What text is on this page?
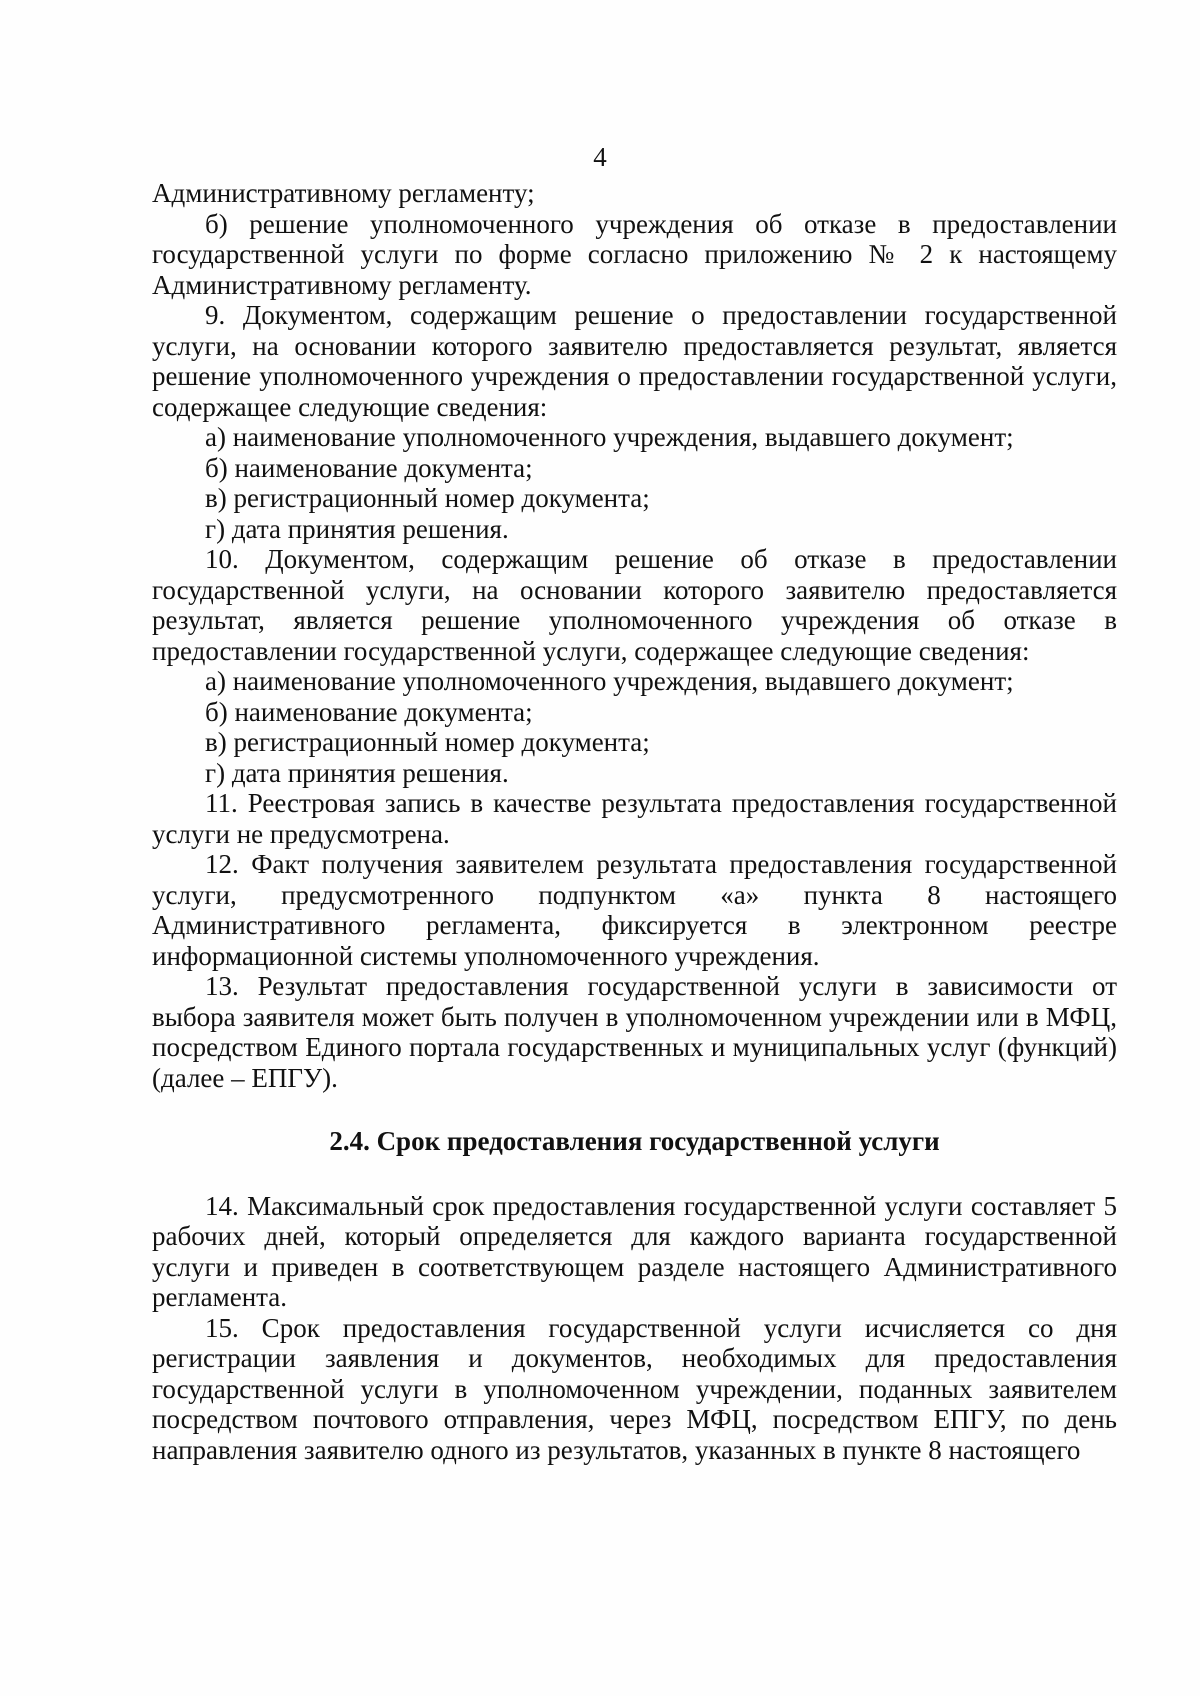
4

Административному регламенту;

б) решение уполномоченного учреждения об отказе в предоставлении государственной услуги по форме согласно приложению № 2 к настоящему Административному регламенту.

9. Документом, содержащим решение о предоставлении государственной услуги, на основании которого заявителю предоставляется результат, является решение уполномоченного учреждения о предоставлении государственной услуги, содержащее следующие сведения:

а) наименование уполномоченного учреждения, выдавшего документ;

б) наименование документа;

в) регистрационный номер документа;

г) дата принятия решения.

10. Документом, содержащим решение об отказе в предоставлении государственной услуги, на основании которого заявителю предоставляется результат, является решение уполномоченного учреждения об отказе в предоставлении государственной услуги, содержащее следующие сведения:

а) наименование уполномоченного учреждения, выдавшего документ;

б) наименование документа;

в) регистрационный номер документа;

г) дата принятия решения.

11. Реестровая запись в качестве результата предоставления государственной услуги не предусмотрена.

12. Факт получения заявителем результата предоставления государственной услуги, предусмотренного подпунктом «а» пункта 8 настоящего Административного регламента, фиксируется в электронном реестре информационной системы уполномоченного учреждения.

13. Результат предоставления государственной услуги в зависимости от выбора заявителя может быть получен в уполномоченном учреждении или в МФЦ, посредством Единого портала государственных и муниципальных услуг (функций) (далее – ЕПГУ).

2.4. Срок предоставления государственной услуги

14. Максимальный срок предоставления государственной услуги составляет 5 рабочих дней, который определяется для каждого варианта государственной услуги и приведен в соответствующем разделе настоящего Административного регламента.

15. Срок предоставления государственной услуги исчисляется со дня регистрации заявления и документов, необходимых для предоставления государственной услуги в уполномоченном учреждении, поданных заявителем посредством почтового отправления, через МФЦ, посредством ЕПГУ, по день направления заявителю одного из результатов, указанных в пункте 8 настоящего
